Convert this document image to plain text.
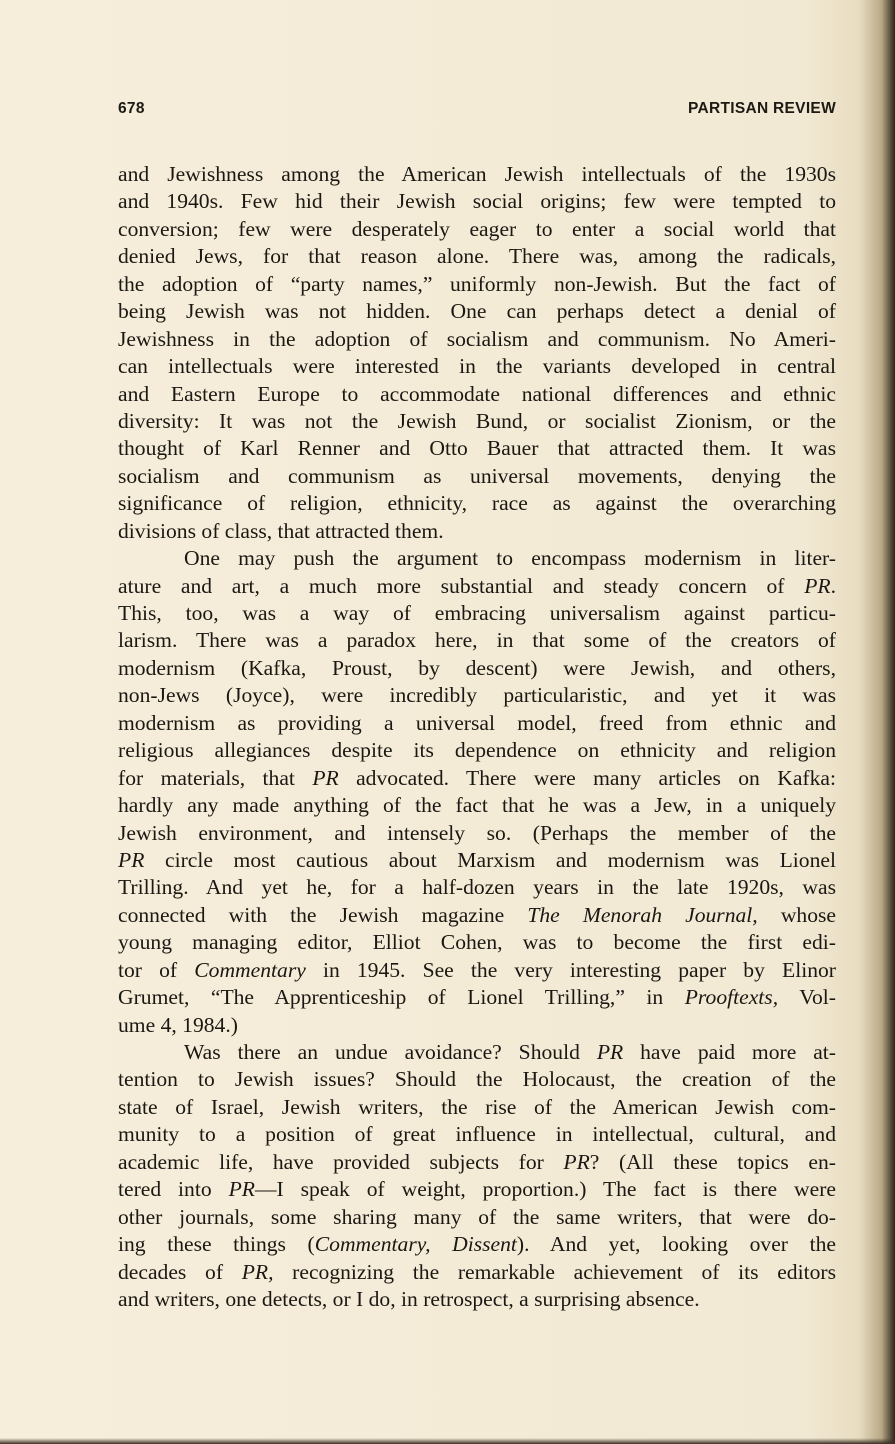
678	PARTISAN REVIEW
and Jewishness among the American Jewish intellectuals of the 1930s
and 1940s. Few hid their Jewish social origins; few were tempted to
conversion; few were desperately eager to enter a social world that
denied Jews, for that reason alone. There was, among the radicals,
the adoption of “party names,” uniformly non-Jewish. But the fact of
being Jewish was not hidden. One can perhaps detect a denial of
Jewishness in the adoption of socialism and communism. No Ameri-
can intellectuals were interested in the variants developed in central
and Eastern Europe to accommodate national differences and ethnic
diversity: It was not the Jewish Bund, or socialist Zionism, or the
thought of Karl Renner and Otto Bauer that attracted them. It was
socialism and communism as universal movements, denying the
significance of religion, ethnicity, race as against the overarching
divisions of class, that attracted them.
One may push the argument to encompass modernism in liter-
ature and art, a much more substantial and steady concern of PR.
This, too, was a way of embracing universalism against particu-
larism. There was a paradox here, in that some of the creators of
modernism (Kafka, Proust, by descent) were Jewish, and others,
non-Jews (Joyce), were incredibly particularistic, and yet it was
modernism as providing a universal model, freed from ethnic and
religious allegiances despite its dependence on ethnicity and religion
for materials, that PR advocated. There were many articles on Kafka:
hardly any made anything of the fact that he was a Jew, in a uniquely
Jewish environment, and intensely so. (Perhaps the member of the
PR circle most cautious about Marxism and modernism was Lionel
Trilling. And yet he, for a half-dozen years in the late 1920s, was
connected with the Jewish magazine The Menorah Journal, whose
young managing editor, Elliot Cohen, was to become the first edi-
tor of Commentary in 1945. See the very interesting paper by Elinor
Grumet, “The Apprenticeship of Lionel Trilling,” in Prooftexts, Vol-
ume 4, 1984.)
Was there an undue avoidance? Should PR have paid more at-
tention to Jewish issues? Should the Holocaust, the creation of the
state of Israel, Jewish writers, the rise of the American Jewish com-
munity to a position of great influence in intellectual, cultural, and
academic life, have provided subjects for PR? (All these topics en-
tered into PR—I speak of weight, proportion.) The fact is there were
other journals, some sharing many of the same writers, that were do-
ing these things (Commentary, Dissent). And yet, looking over the
decades of PR, recognizing the remarkable achievement of its editors
and writers, one detects, or I do, in retrospect, a surprising absence.
